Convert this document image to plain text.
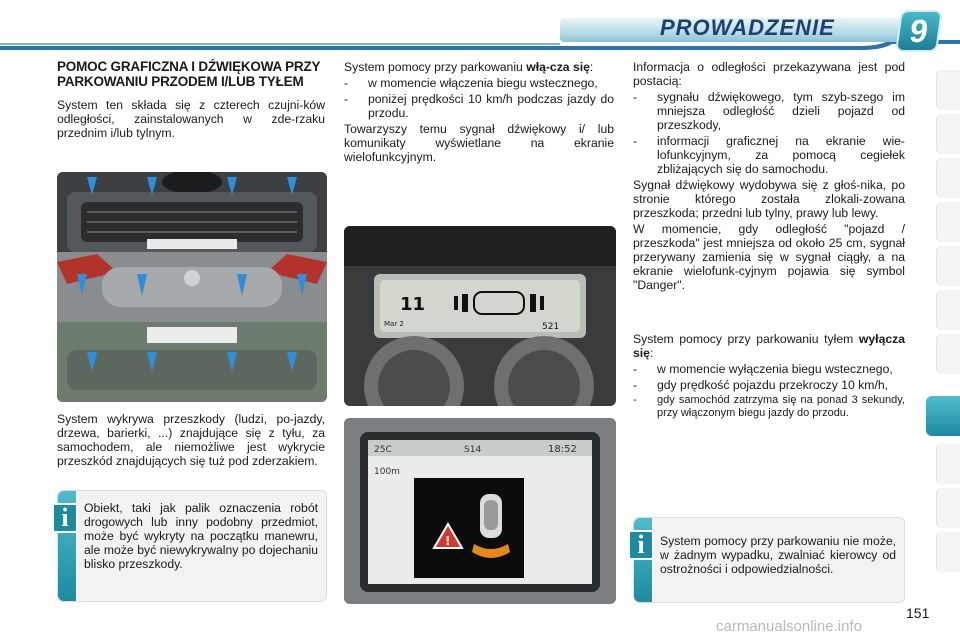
PROWADZENIE 9
POMOC GRAFICZNA I DŹWIĘKOWA PRZY PARKOWANIU PRZODEM I/LUB TYŁEM

System ten składa się z czterech czujni-ków odległości, zainstalowanych w zde-rzaku przednim i/lub tylnym.

System wykrywa przeszkody (ludzi, po-jazdy, drzewa, barierki, ...) znajdujące się z tyłu, za samochodem, ale niemożliwe jest wykrycie przeszkód znajdujących się tuż pod zderzakiem.

i	Obiekt, taki jak palik oznaczenia robót drogowych lub inny podobny przedmiot, może być wykryty na początku manewru, ale może być niewykrywalny po dojechaniu blisko przeszkody.

System pomocy przy parkowaniu włą-cza się:

- w momencie włączenia biegu wstecznego,
- poniżej prędkości 10 km/h podczas jazdy do przodu.

Towarzyszy temu sygnał dźwiękowy i/ lub komunikaty wyświetlane na ekranie wielofunkcyjnym.

11
Mar 2	521
25C	S14	18:52
100m
!

Informacja o odległości przekazywana jest pod postacią:

- sygnału dźwiękowego, tym szyb-szego im mniejsza odległość dzieli pojazd od przeszkody,
- informacji graficznej na ekranie wie-lofunkcyjnym, za pomocą cegiełek zbliżających się do samochodu.

Sygnał dźwiękowy wydobywa się z głoś-nika, po stronie którego została zlokali-zowana przeszkoda; przedni lub tylny, prawy lub lewy.

W momencie, gdy odległość "pojazd / przeszkoda" jest mniejsza od około 25 cm, sygnał przerywany zamienia się w sygnał ciągły, a na ekranie wielofunk-cyjnym pojawia się symbol "Danger".

System pomocy przy parkowaniu tyłem wyłącza się:

- w momencie wyłączenia biegu wstecznego,
- gdy prędkość pojazdu przekroczy 10 km/h,
- gdy samochód zatrzyma się na ponad 3 sekundy, przy włączonym biegu jazdy do przodu.
i	System pomocy przy parkowaniu nie może, w żadnym wypadku, zwalniać kierowcy od ostrożności i odpowiedzialności.
151
carmanualsonline.info
